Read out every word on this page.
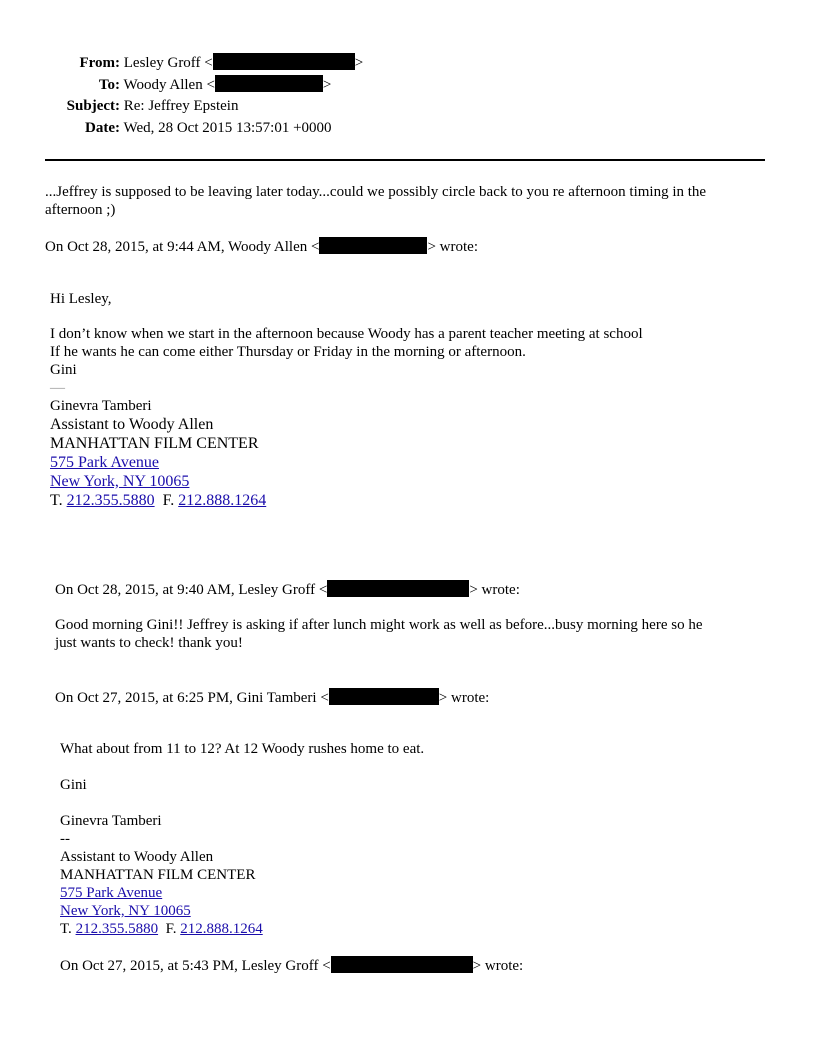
From: Lesley Groff <	>
To: Woody Allen <	>
Subject: Re: Jeffrey Epstein
Date: Wed, 28 Oct 2015 13:57:01 +0000
...Jeffrey is supposed to be leaving later today...could we possibly circle back to you re afternoon timing in the
afternoon ;)
On Oct 28, 2015, at 9:44 AM, Woody Allen <	> wrote:
Hi Lesley,
I don’t know when we start in the afternoon because Woody has a parent teacher meeting at school
If he wants he can come either Thursday or Friday in the morning or afternoon.
Gini
—
Ginevra Tamberi
Assistant to Woody Allen
MANHATTAN FILM CENTER
575 Park Avenue
New York, NY 10065
T. 212.355.5880  F. 212.888.1264
On Oct 28, 2015, at 9:40 AM, Lesley Groff <	> wrote:
Good morning Gini!! Jeffrey is asking if after lunch might work as well as before...busy morning here so he
just wants to check! thank you!
On Oct 27, 2015, at 6:25 PM, Gini Tamberi <	> wrote:
What about from 11 to 12? At 12 Woody rushes home to eat.
Gini
Ginevra Tamberi
--
Assistant to Woody Allen
MANHATTAN FILM CENTER
575 Park Avenue
New York, NY 10065
T. 212.355.5880  F. 212.888.1264
On Oct 27, 2015, at 5:43 PM, Lesley Groff <	> wrote:
